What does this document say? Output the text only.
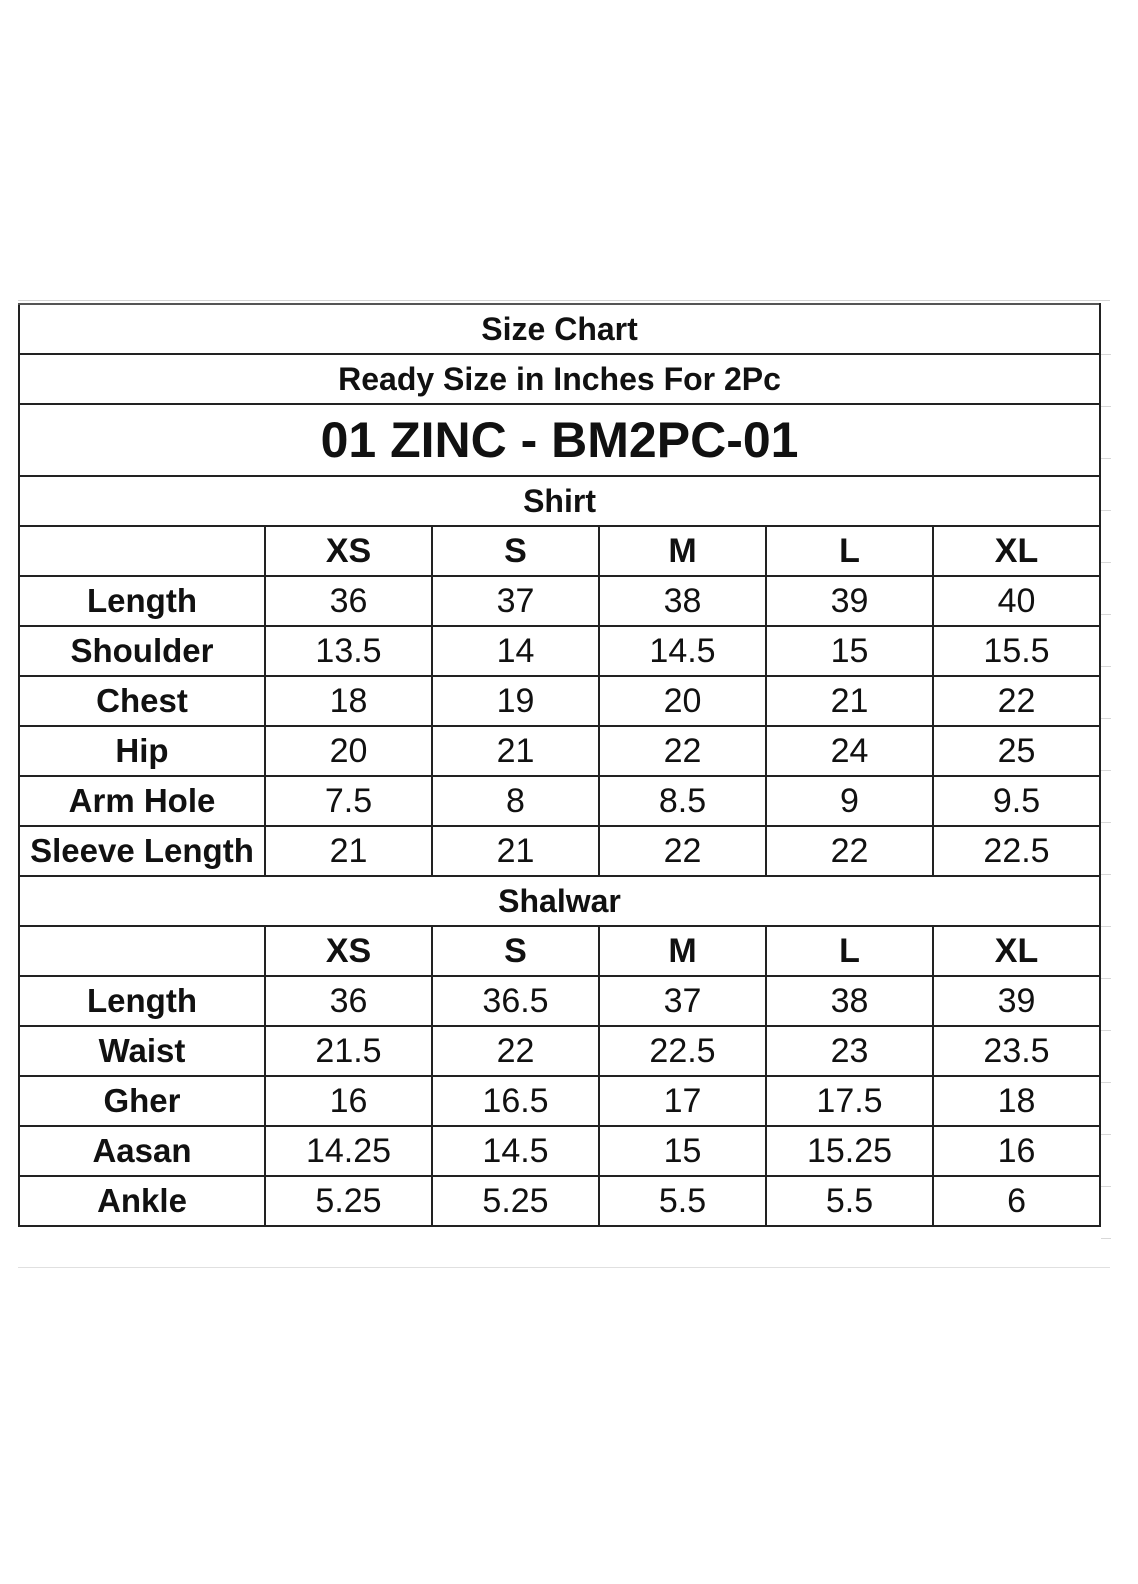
Size Chart					
Ready Size in Inches For 2Pc					
01 ZINC - BM2PC-01					
Shirt					
	XS	S	M	L	XL
Length	36	37	38	39	40
Shoulder	13.5	14	14.5	15	15.5
Chest	18	19	20	21	22
Hip	20	21	22	24	25
Arm Hole	7.5	8	8.5	9	9.5
Sleeve Length	21	21	22	22	22.5
Shalwar					
	XS	S	M	L	XL
Length	36	36.5	37	38	39
Waist	21.5	22	22.5	23	23.5
Gher	16	16.5	17	17.5	18
Aasan	14.25	14.5	15	15.25	16
Ankle	5.25	5.25	5.5	5.5	6
